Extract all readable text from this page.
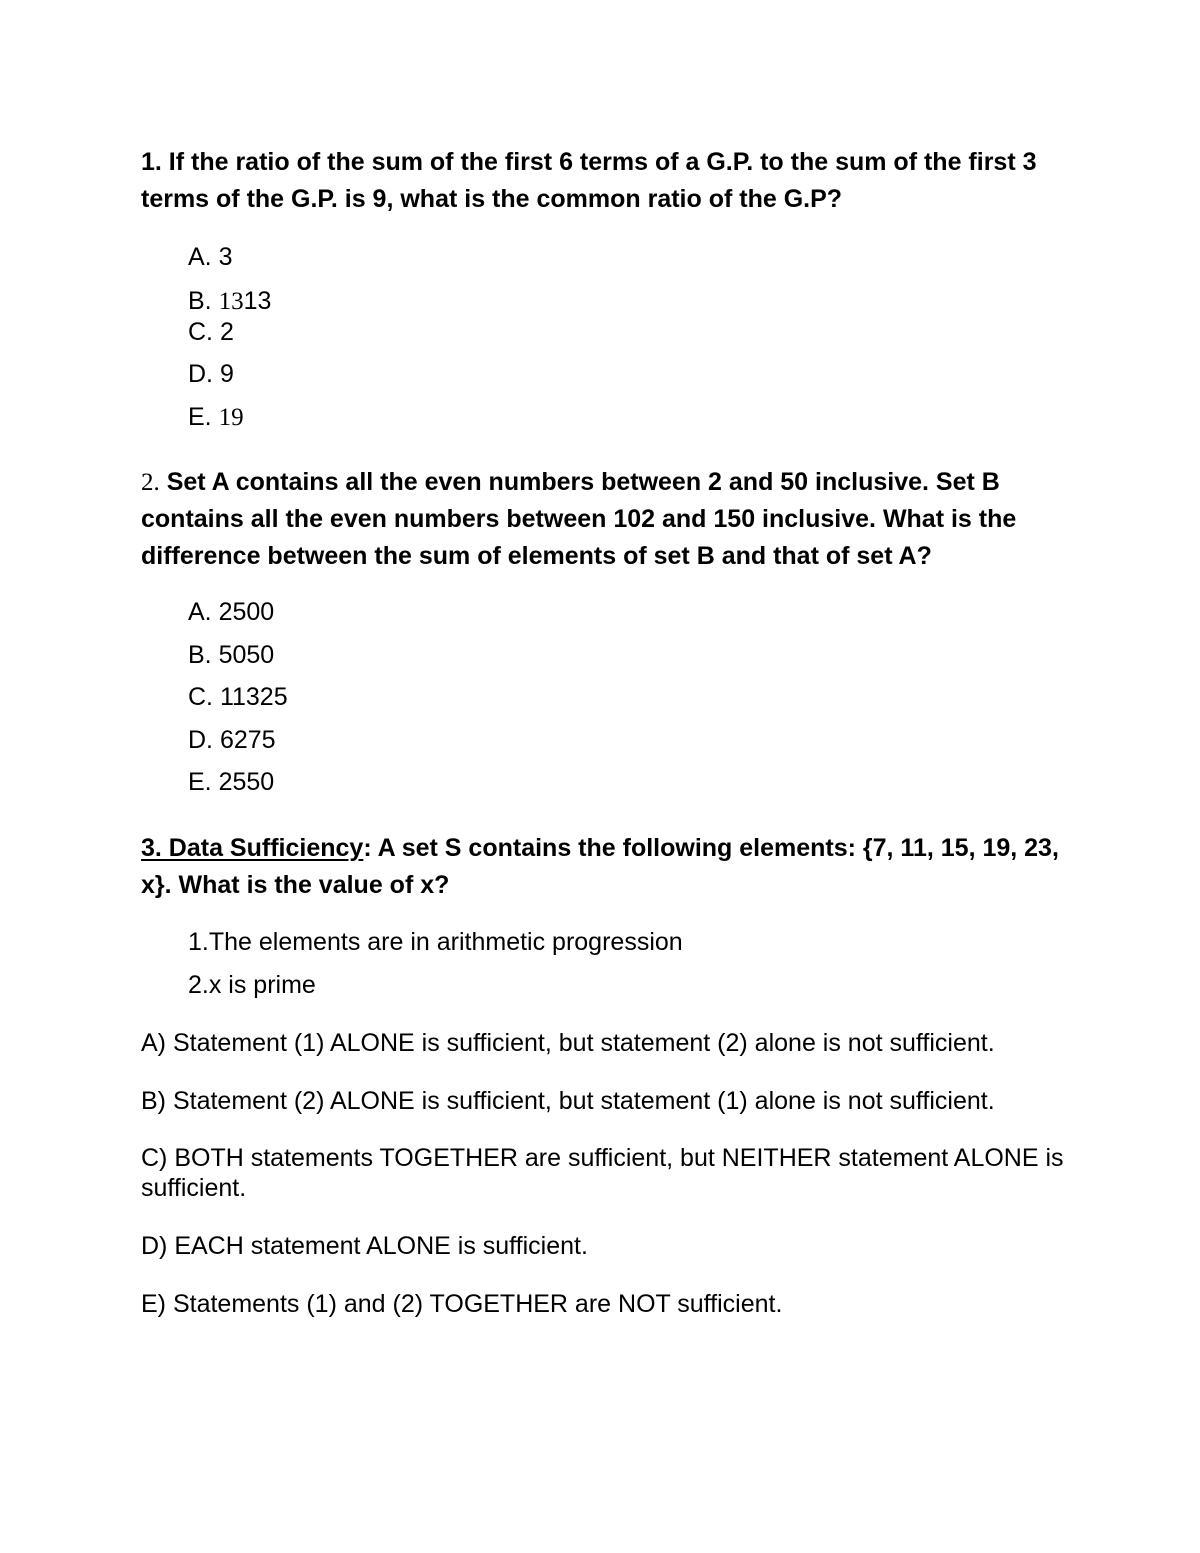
1. If the ratio of the sum of the first 6 terms of a G.P. to the sum of the first 3 terms of the G.P. is 9, what is the common ratio of the G.P?

A. 3
B. 1313
C. 2
D. 9
E. 19

2. Set A contains all the even numbers between 2 and 50 inclusive. Set B contains all the even numbers between 102 and 150 inclusive. What is the difference between the sum of elements of set B and that of set A?

A. 2500
B. 5050
C. 11325
D. 6275
E. 2550

3. Data Sufficiency: A set S contains the following elements: {7, 11, 15, 19, 23, x}. What is the value of x?

1.The elements are in arithmetic progression
2.x is prime

A) Statement (1) ALONE is sufficient, but statement (2) alone is not sufficient.

B) Statement (2) ALONE is sufficient, but statement (1) alone is not sufficient.

C) BOTH statements TOGETHER are sufficient, but NEITHER statement ALONE is sufficient.

D) EACH statement ALONE is sufficient.

E) Statements (1) and (2) TOGETHER are NOT sufficient.
